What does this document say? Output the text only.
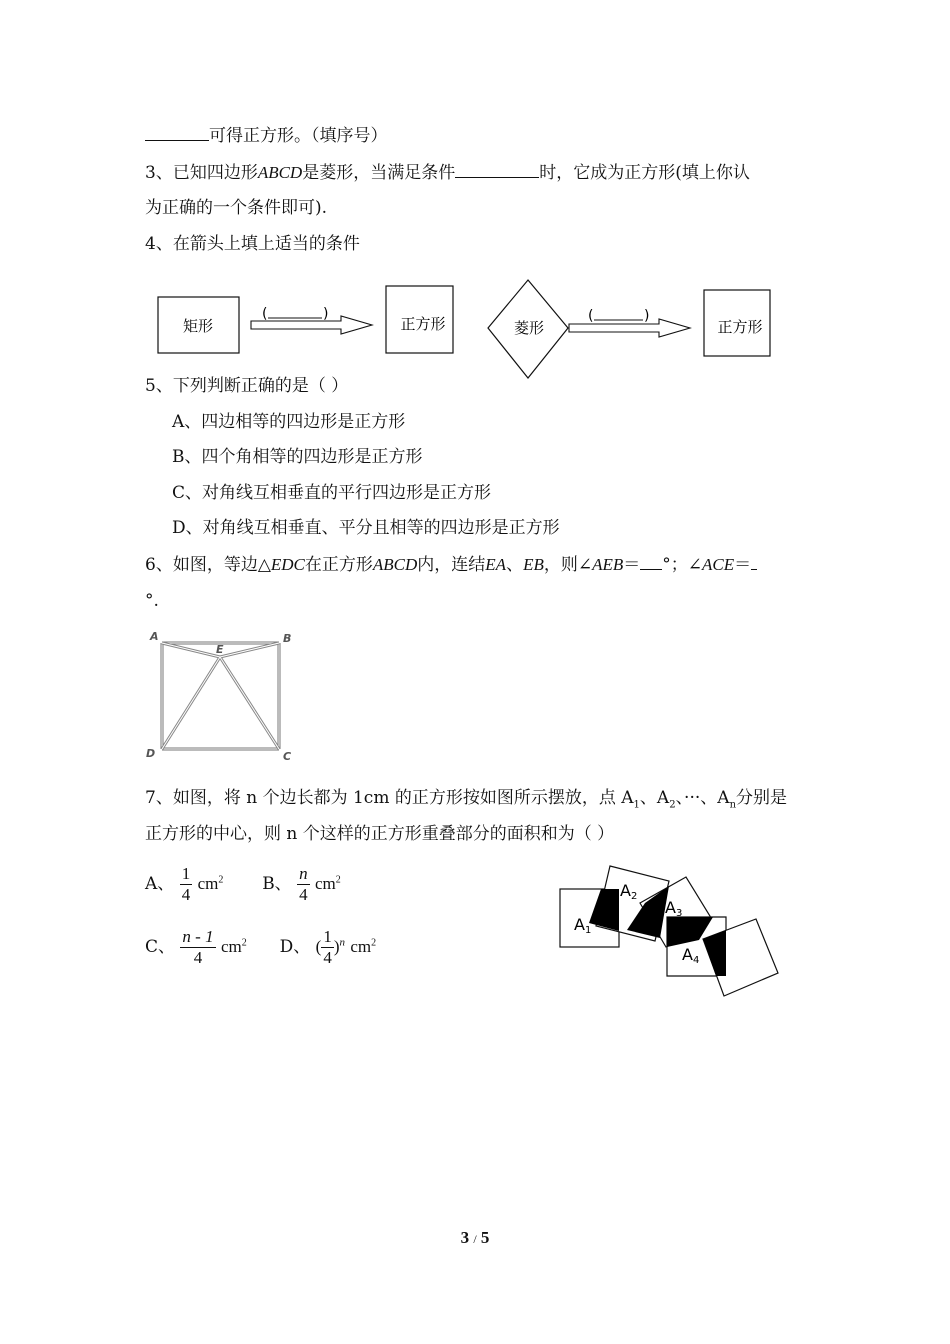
可得正方形。（填序号）
3、已知四边形ABCD是菱形，当满足条件	时，它成为正方形(填上你认
为正确的一个条件即可).
4、在箭头上填上适当的条件
矩形
(	)
正方形	菱形
(	)
正方形
A	B
C
D
E
A1
A2
A3
A4
5、下列判断正确的是（ ）
A、四边相等的四边形是正方形
B、四个角相等的四边形是正方形
C、对角线互相垂直的平行四边形是正方形
D、对角线互相垂直、平分且相等的四边形是正方形
6、如图，等边△EDC在正方形ABCD内，连结EA、EB，则∠AEB＝ °；∠ACE＝
°.
7、如图，将 n 个边长都为 1cm 的正方形按如图所示摆放，点 $A_1$、$A_2$、···、$A_n$分别是
正方形的中心，则 n 个这样的正方形重叠部分的面积和为（ ）
A、 $\frac{1}{4} cm^2$ B、 $\frac{n}{4} cm^2$
C、 $\frac{n - 1}{4} cm^2$ D、 ( $\frac{1}{4} )^n$ $cm^2$
3 / 5
